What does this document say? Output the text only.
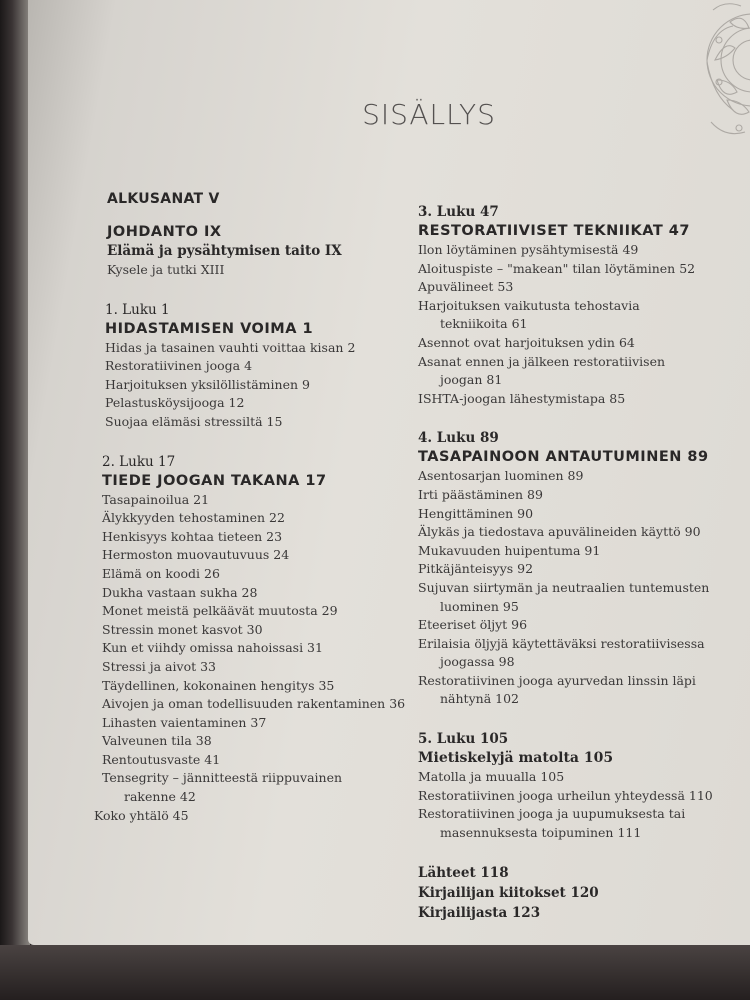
SISÄLLYS
ALKUSANAT V
JOHDANTO IX
Elämä ja pysähtymisen taito IX
Kysele ja tutki XIII
1. Luku 1
HIDASTAMISEN VOIMA 1
Hidas ja tasainen vauhti voittaa kisan 2
Restoratiivinen jooga 4
Harjoituksen yksilöllistäminen 9
Pelastusköysijooga 12
Suojaa elämäsi stressiltä 15
2. Luku 17
TIEDE JOOGAN TAKANA 17
Tasapainoilua 21
Älykkyyden tehostaminen 22
Henkisyys kohtaa tieteen 23
Hermoston muovautuvuus 24
Elämä on koodi 26
Dukha vastaan sukha 28
Monet meistä pelkäävät muutosta 29
Stressin monet kasvot 30
Kun et viihdy omissa nahoissasi 31
Stressi ja aivot 33
Täydellinen, kokonainen hengitys 35
Aivojen ja oman todellisuuden rakentaminen 36
Lihasten vaientaminen 37
Valveunen tila 38
Rentoutusvaste 41
Tensegrity – jännitteestä riippuvainen
rakenne 42
Koko yhtälö 45
3. Luku 47
RESTORATIIVISET TEKNIIKAT 47
Ilon löytäminen pysähtymisestä 49
Aloituspiste – "makean" tilan löytäminen 52
Apuvälineet 53
Harjoituksen vaikutusta tehostavia
tekniikoita 61
Asennot ovat harjoituksen ydin 64
Asanat ennen ja jälkeen restoratiivisen
joogan 81
ISHTA-joogan lähestymistapa 85
4. Luku 89
TASAPAINOON ANTAUTUMINEN 89
Asentosarjan luominen 89
Irti päästäminen 89
Hengittäminen 90
Älykäs ja tiedostava apuvälineiden käyttö 90
Mukavuuden huipentuma 91
Pitkäjänteisyys 92
Sujuvan siirtymän ja neutraalien tuntemusten
luominen 95
Eteeriset öljyt 96
Erilaisia öljyjä käytettäväksi restoratiivisessa
joogassa 98
Restoratiivinen jooga ayurvedan linssin läpi
nähtynä 102
5. Luku 105
Mietiskelyjä matolta 105
Matolla ja muualla 105
Restoratiivinen jooga urheilun yhteydessä 110
Restoratiivinen jooga ja uupumuksesta tai
masennuksesta toipuminen 111
Lähteet 118
Kirjailijan kiitokset 120
Kirjailijasta 123
